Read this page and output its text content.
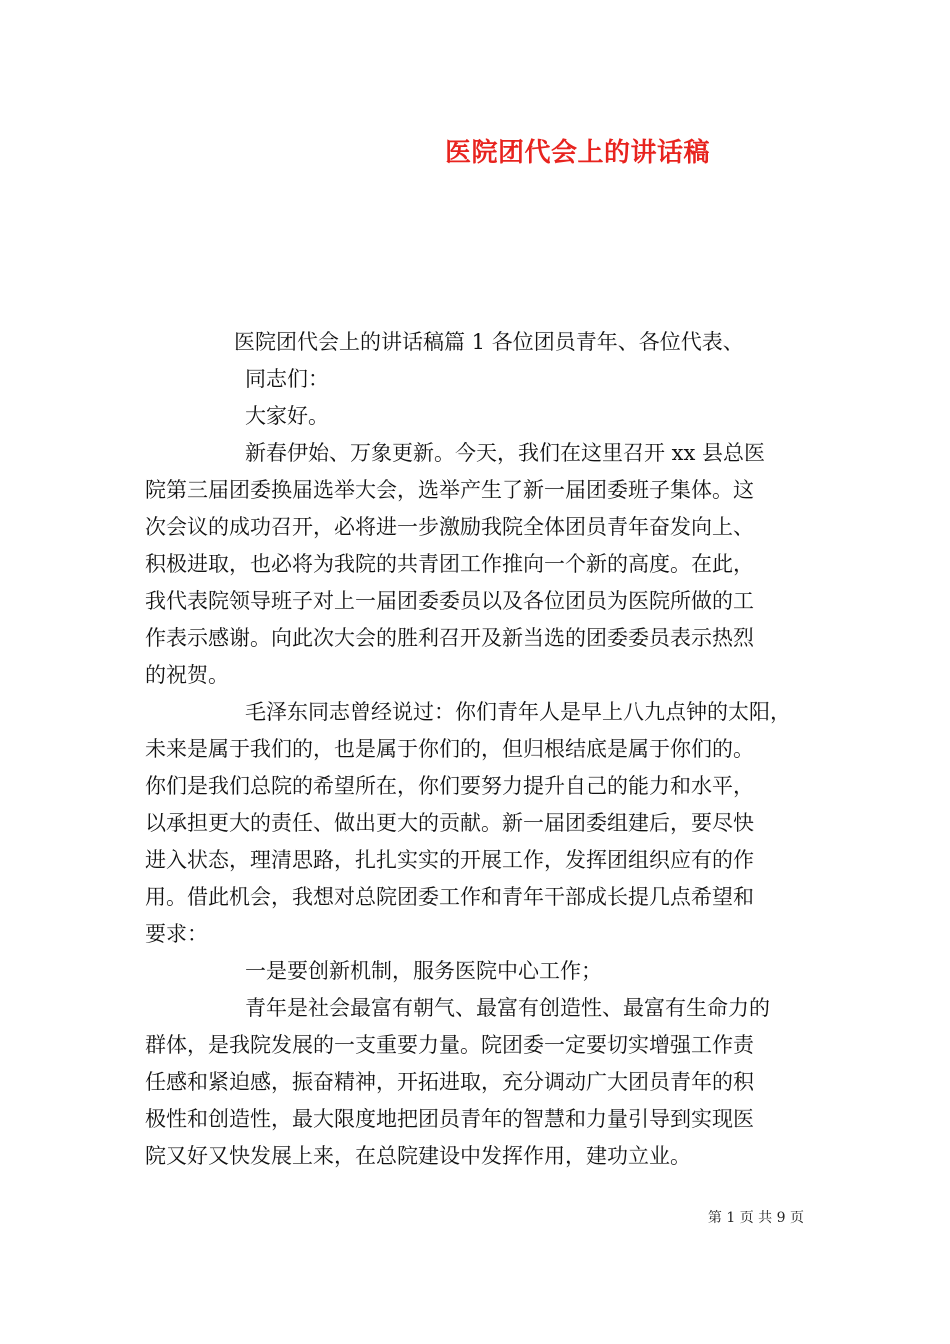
医院团代会上的讲话稿
医院团代会上的讲话稿篇 1 各位团员青年、各位代表、
同志们：
大家好。
新春伊始、万象更新。今天，我们在这里召开 xx 县总医
院第三届团委换届选举大会，选举产生了新一届团委班子集体。这
次会议的成功召开，必将进一步激励我院全体团员青年奋发向上、
积极进取，也必将为我院的共青团工作推向一个新的高度。在此，
我代表院领导班子对上一届团委委员以及各位团员为医院所做的工
作表示感谢。向此次大会的胜利召开及新当选的团委委员表示热烈
的祝贺。
毛泽东同志曾经说过：你们青年人是早上八九点钟的太阳，
未来是属于我们的，也是属于你们的，但归根结底是属于你们的。
你们是我们总院的希望所在，你们要努力提升自己的能力和水平，
以承担更大的责任、做出更大的贡献。新一届团委组建后，要尽快
进入状态，理清思路，扎扎实实的开展工作，发挥团组织应有的作
用。借此机会，我想对总院团委工作和青年干部成长提几点希望和
要求：
一是要创新机制，服务医院中心工作；
青年是社会最富有朝气、最富有创造性、最富有生命力的
群体，是我院发展的一支重要力量。院团委一定要切实增强工作责
任感和紧迫感，振奋精神，开拓进取，充分调动广大团员青年的积
极性和创造性，最大限度地把团员青年的智慧和力量引导到实现医
院又好又快发展上来，在总院建设中发挥作用，建功立业。
第 1 页 共 9 页
